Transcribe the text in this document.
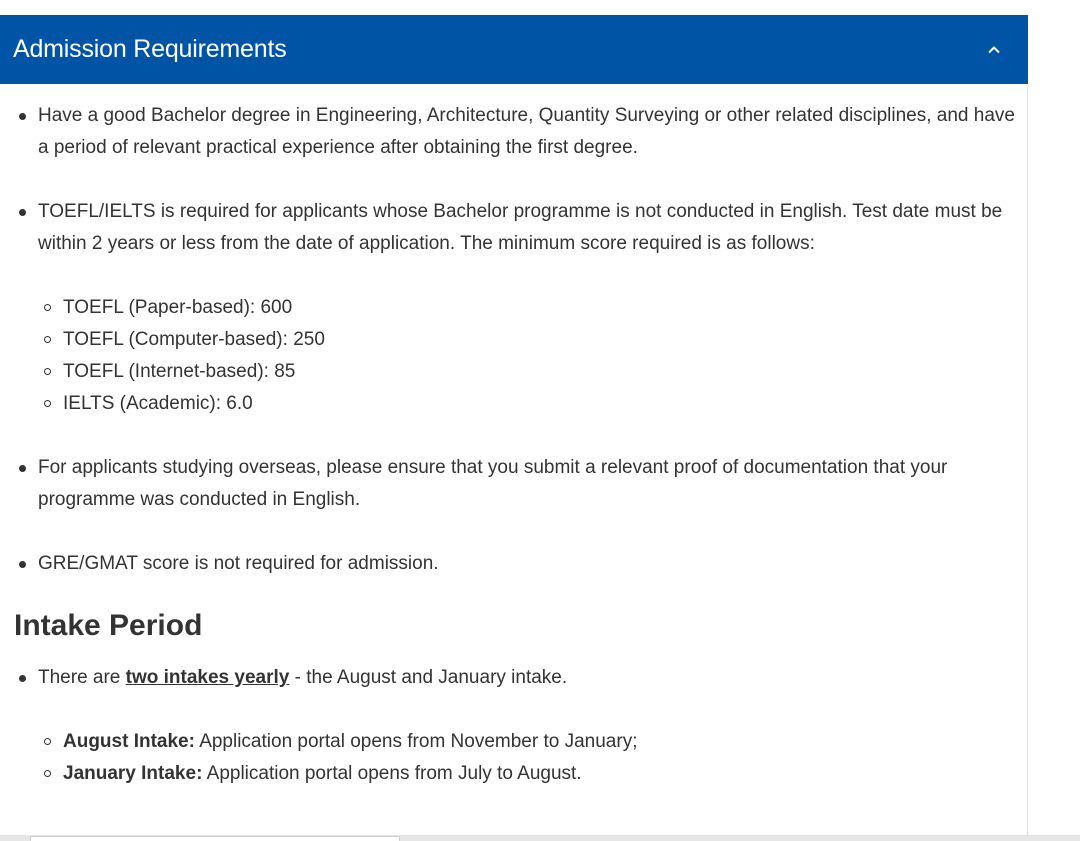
Admission Requirements
Have a good Bachelor degree in Engineering, Architecture, Quantity Surveying or other related disciplines, and have a period of relevant practical experience after obtaining the first degree.
TOEFL/IELTS is required for applicants whose Bachelor programme is not conducted in English. Test date must be within 2 years or less from the date of application. The minimum score required is as follows:
TOEFL (Paper-based): 600
TOEFL (Computer-based): 250
TOEFL (Internet-based): 85
IELTS (Academic): 6.0
For applicants studying overseas, please ensure that you submit a relevant proof of documentation that your programme was conducted in English.
GRE/GMAT score is not required for admission.
Intake Period
There are two intakes yearly - the August and January intake.
August Intake: Application portal opens from November to January;
January Intake: Application portal opens from July to August.
